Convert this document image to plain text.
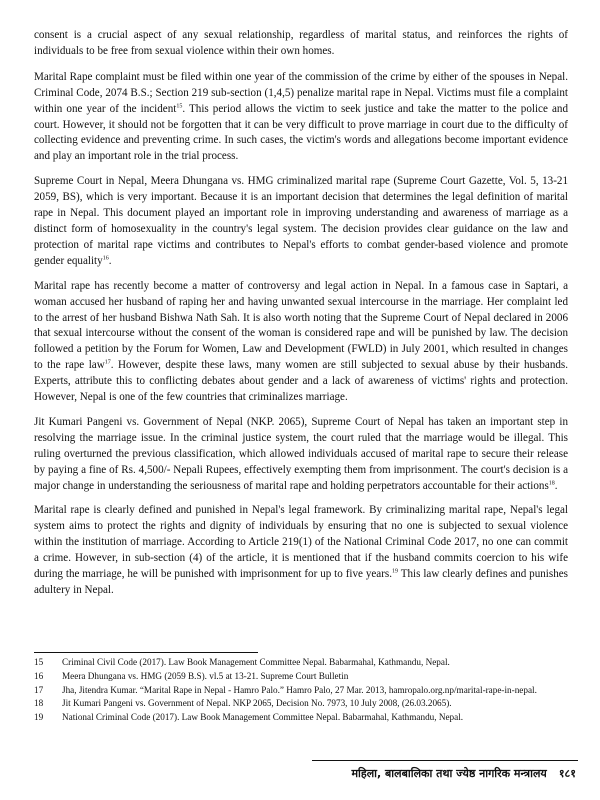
consent is a crucial aspect of any sexual relationship, regardless of marital status, and reinforces the rights of individuals to be free from sexual violence within their own homes.

Marital Rape complaint must be filed within one year of the commission of the crime by either of the spouses in Nepal. Criminal Code, 2074 B.S.; Section 219 sub-section (1,4,5) penalize marital rape in Nepal. Victims must file a complaint within one year of the incident$^{15}$. This period allows the victim to seek justice and take the matter to the police and court. However, it should not be forgotten that it can be very difficult to prove marriage in court due to the difficulty of collecting evidence and preventing crime. In such cases, the victim's words and allegations become important evidence and play an important role in the trial process.

Supreme Court in Nepal, Meera Dhungana vs. HMG criminalized marital rape (Supreme Court Gazette, Vol. 5, 13-21 2059, BS), which is very important. Because it is an important decision that determines the legal definition of marital rape in Nepal. This document played an important role in improving understanding and awareness of marriage as a distinct form of homosexuality in the country's legal system. The decision provides clear guidance on the law and protection of marital rape victims and contributes to Nepal's efforts to combat gender-based violence and promote gender equality$^{16}$.

Marital rape has recently become a matter of controversy and legal action in Nepal. In a famous case in Saptari, a woman accused her husband of raping her and having unwanted sexual intercourse in the marriage. Her complaint led to the arrest of her husband Bishwa Nath Sah. It is also worth noting that the Supreme Court of Nepal declared in 2006 that sexual intercourse without the consent of the woman is considered rape and will be punished by law. The decision followed a petition by the Forum for Women, Law and Development (FWLD) in July 2001, which resulted in changes to the rape law$^{17}$. However, despite these laws, many women are still subjected to sexual abuse by their husbands. Experts, attribute this to conflicting debates about gender and a lack of awareness of victims' rights and protection. However, Nepal is one of the few countries that criminalizes marriage.

Jit Kumari Pangeni vs. Government of Nepal (NKP. 2065), Supreme Court of Nepal has taken an important step in resolving the marriage issue. In the criminal justice system, the court ruled that the marriage would be illegal. This ruling overturned the previous classification, which allowed individuals accused of marital rape to secure their release by paying a fine of Rs. 4,500/- Nepali Rupees, effectively exempting them from imprisonment. The court's decision is a major change in understanding the seriousness of marital rape and holding perpetrators accountable for their actions$^{18}$.

Marital rape is clearly defined and punished in Nepal's legal framework. By criminalizing marital rape, Nepal's legal system aims to protect the rights and dignity of individuals by ensuring that no one is subjected to sexual violence within the institution of marriage. According to Article 219(1) of the National Criminal Code 2017, no one can commit a crime. However, in sub-section (4) of the article, it is mentioned that if the husband commits coercion to his wife during the marriage, he will be punished with imprisonment for up to five years.$^{19}$ This law clearly defines and punishes adultery in Nepal.

15 Criminal Civil Code (2017). Law Book Management Committee Nepal. Babarmahal, Kathmandu, Nepal.
16 Meera Dhungana vs. HMG (2059 B.S). vl.5 at 13-21. Supreme Court Bulletin
17 Jha, Jitendra Kumar. “Marital Rape in Nepal - Hamro Palo.” Hamro Palo, 27 Mar. 2013, hamropalo.org.np/marital-rape-in-nepal.
18 Jit Kumari Pangeni vs. Government of Nepal. NKP 2065, Decision No. 7973, 10 July 2008, (26.03.2065).
19 National Criminal Code (2017). Law Book Management Committee Nepal. Babarmahal, Kathmandu, Nepal.
महिला, बालबालिका तथा ज्येष्ठ नागरिक मन्त्रालय १८१
